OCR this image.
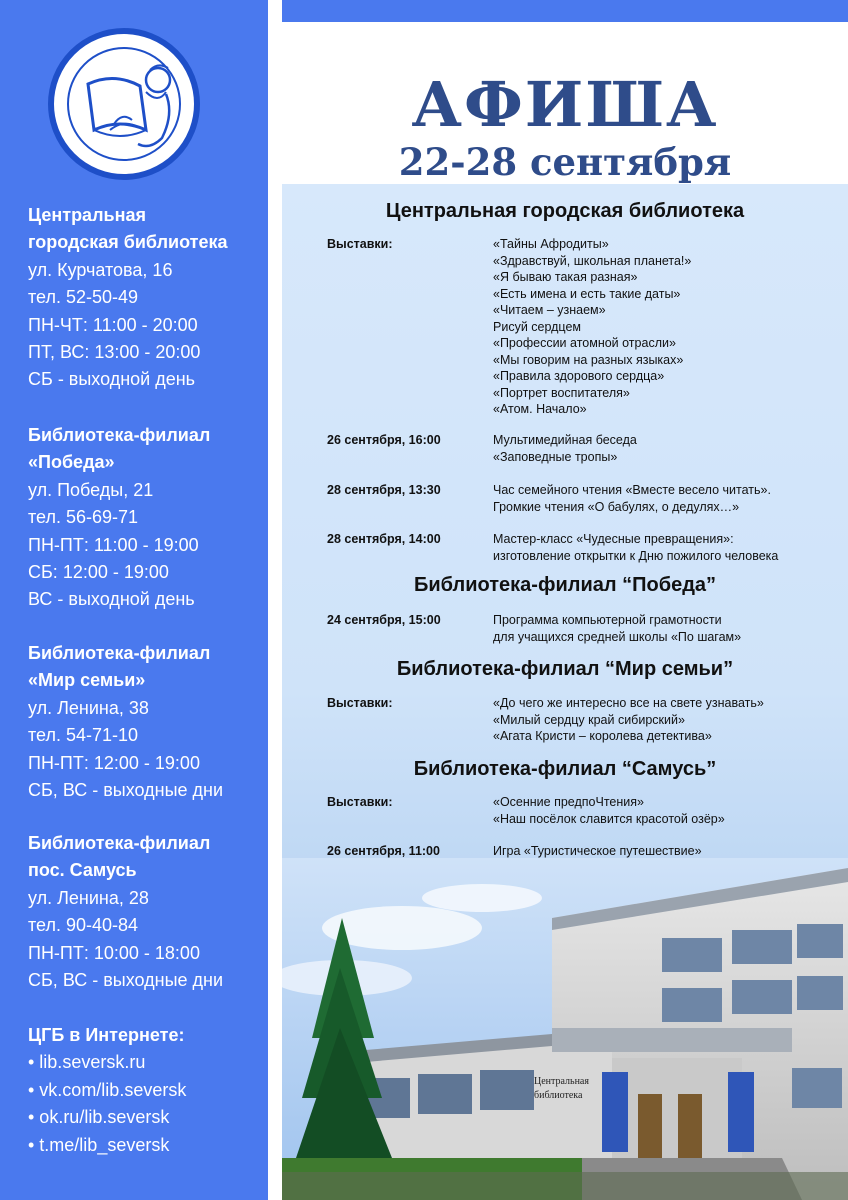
Центральная
городская библиотека
ул. Курчатова, 16
тел. 52-50-49
ПН-ЧТ: 11:00 - 20:00
ПТ, ВС: 13:00 - 20:00
СБ - выходной день
Библиотека-филиал
«Победа»
ул. Победы, 21
тел. 56-69-71
ПН-ПТ: 11:00 - 19:00
СБ: 12:00 - 19:00
ВС - выходной день
Библиотека-филиал
«Мир семьи»
ул. Ленина, 38
тел. 54-71-10
ПН-ПТ: 12:00 - 19:00
СБ, ВС - выходные дни
Библиотека-филиал
пос. Самусь
ул. Ленина, 28
тел. 90-40-84
ПН-ПТ: 10:00 - 18:00
СБ, ВС - выходные дни
ЦГБ в Интернете:
• lib.seversk.ru
• vk.com/lib.seversk
• ok.ru/lib.seversk
• t.me/lib_seversk
АФИША
22-28 сентября
Центральная
библиотека
Центральная городская библиотека
Выставки:	«Тайны Афродиты»
«Здравствуй, школьная планета!»
«Я бываю такая разная»
«Есть имена и есть такие даты»
«Читаем – узнаем»
Рисуй сердцем
«Профессии атомной отрасли»
«Мы говорим на разных языках»
«Правила здорового сердца»
«Портрет воспитателя»
«Атом. Начало»
26 сентября, 16:00	Мультимедийная беседа
«Заповедные тропы»
28 сентября, 13:30	Час семейного чтения «Вместе весело читать».
Громкие чтения «О бабулях, о дедулях…»
28 сентября, 14:00	Мастер-класс «Чудесные превращения»:
изготовление открытки к Дню пожилого человека
Библиотека-филиал “Победа”
24 сентября, 15:00	Программа компьютерной грамотности
для учащихся средней школы «По шагам»
Библиотека-филиал “Мир семьи”
Выставки:	«До чего же интересно все на свете узнавать»
«Милый сердцу край сибирский»
«Агата Кристи – королева детектива»
Библиотека-филиал “Самусь”
Выставки:	«Осенние предпоЧтения»
«Наш посёлок славится красотой озёр»
26 сентября, 11:00	Игра «Туристическое путешествие»
